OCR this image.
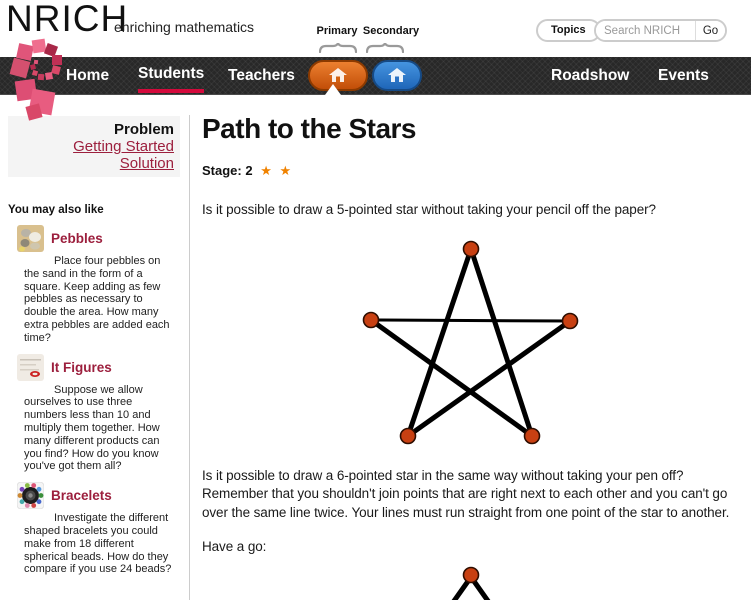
NRICH
enriching mathematics	Primary Secondary	Topics
Search NRICH	Go
Home Students Teachers	Roadshow Events
Problem
Getting Started
Solution
You may also like
Pebbles

Place four pebbles on the sand in the form of a square. Keep adding as few pebbles as necessary to double the area. How many extra pebbles are added each time?

It Figures

Suppose we allow ourselves to use three numbers less than 10 and multiply them together. How many different products can you find? How do you know you've got them all?

Bracelets

Investigate the different shaped bracelets you could make from 18 different spherical beads. How do they compare if you use 24 beads?

Path to the Stars
Stage: 2 ★ ★

Is it possible to draw a 5-pointed star without taking your pencil off the paper?

Is it possible to draw a 6-pointed star in the same way without taking your pen off? Remember that you shouldn't join points that are right next to each other and you can't go over the same line twice. Your lines must run straight from one point of the star to another.

Have a go:
